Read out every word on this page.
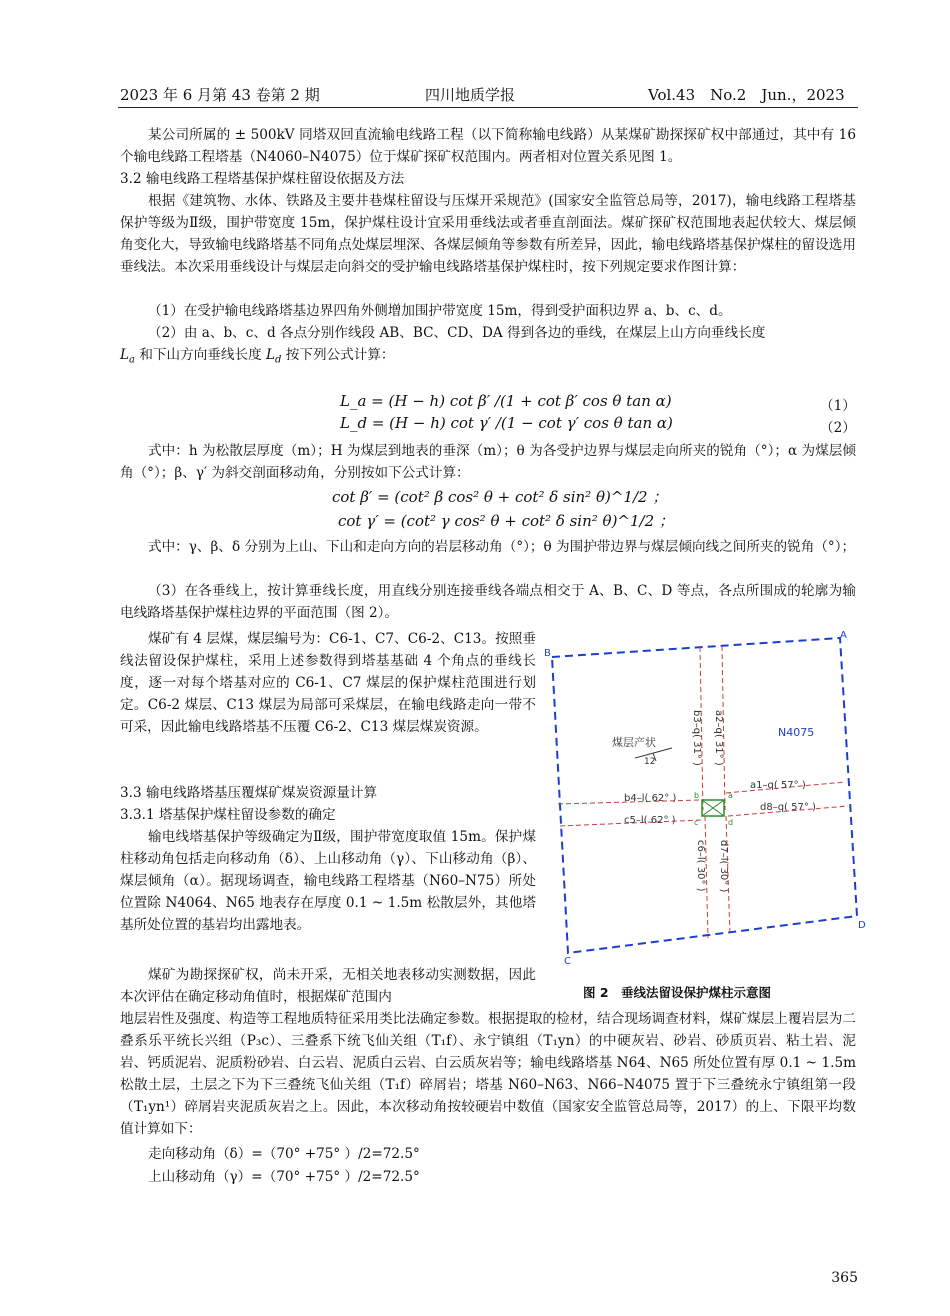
2023 年 6 月第 43 卷第 2 期	四川地质学报	Vol.43　No.2　Jun.，2023
某公司所属的 ± 500kV 同塔双回直流输电线路工程（以下简称输电线路）从某煤矿勘探探矿权中部通过，其中有 16 个输电线路工程塔基（N4060–N4075）位于煤矿探矿权范围内。两者相对位置关系见图 1。
3.2 输电线路工程塔基保护煤柱留设依据及方法
根据《建筑物、水体、铁路及主要井巷煤柱留设与压煤开采规范》(国家安全监管总局等，2017)，输电线路工程塔基保护等级为Ⅱ级，围护带宽度 15m，保护煤柱设计宜采用垂线法或者垂直剖面法。煤矿探矿权范围地表起伏较大、煤层倾角变化大，导致输电线路塔基不同角点处煤层埋深、各煤层倾角等参数有所差异，因此，输电线路塔基保护煤柱的留设选用垂线法。本次采用垂线设计与煤层走向斜交的受护输电线路塔基保护煤柱时，按下列规定要求作图计算：
（1）在受护输电线路塔基边界四角外侧增加围护带宽度 15m，得到受护面积边界 a、b、c、d。
（2）由 a、b、c、d 各点分别作线段 AB、BC、CD、DA 得到各边的垂线，在煤层上山方向垂线长度
$L_a$ 和下山方向垂线长度 $L_d$ 按下列公式计算：
L_a = (H − h) cot β′ /(1 + cot β′ cos θ tan α)	（1）
L_d = (H − h) cot γ′ /(1 − cot γ′ cos θ tan α)	（2）
式中：h 为松散层厚度（m）；H 为煤层到地表的垂深（m）；θ 为各受护边界与煤层走向所夹的锐角（°）；α 为煤层倾角（°）；β、γ′ 为斜交剖面移动角，分别按如下公式计算：
cot β′ = (cot² β cos² θ + cot² δ sin² θ)^1/2 ；
cot γ′ = (cot² γ cos² θ + cot² δ sin² θ)^1/2 ；
式中：γ、β、δ 分别为上山、下山和走向方向的岩层移动角（°）；θ 为围护带边界与煤层倾向线之间所夹的锐角（°）；
（3）在各垂线上，按计算垂线长度，用直线分别连接垂线各端点相交于 A、B、C、D 等点，各点所围成的轮廓为输电线路塔基保护煤柱边界的平面范围（图 2）。
煤矿有 4 层煤，煤层编号为：C6-1、C7、C6-2、C13。按照垂线法留设保护煤柱，采用上述参数得到塔基基础 4 个角点的垂线长度，逐一对每个塔基对应的 C6-1、C7 煤层的保护煤柱范围进行划定。C6-2 煤层、C13 煤层为局部可采煤层，在输电线路走向一带不可采，因此输电线路塔基不压覆 C6-2、C13 煤层煤炭资源。
3.3 输电线路塔基压覆煤矿煤炭资源量计算
3.3.1 塔基保护煤柱留设参数的确定
输电线塔基保护等级确定为Ⅱ级，围护带宽度取值 15m。保护煤柱移动角包括走向移动角（δ）、上山移动角（γ）、下山移动角（β）、煤层倾角（α）。据现场调查，输电线路工程塔基（N60–N75）所处位置除 N4064、N65 地表存在厚度 0.1 ~ 1.5m 松散层外，其他塔基所处位置的基岩均出露地表。
煤矿为勘探探矿权，尚未开采，无相关地表移动实测数据，因此本次评估在确定移动角值时，根据煤矿范围内
地层岩性及强度、构造等工程地质特征采用类比法确定参数。根据提取的检材，结合现场调查材料，煤矿煤层上覆岩层为二叠系乐平统长兴组（P₃c）、三叠系下统飞仙关组（T₁f）、永宁镇组（T₁yn）的中硬灰岩、砂岩、砂质页岩、粘土岩、泥岩、钙质泥岩、泥质粉砂岩、白云岩、泥质白云岩、白云质灰岩等；输电线路塔基 N64、N65 所处位置有厚 0.1 ~ 1.5m 松散土层，土层之下为下三叠统飞仙关组（T₁f）碎屑岩；塔基 N60–N63、N66–N4075 置于下三叠统永宁镇组第一段（T₁yn¹）碎屑岩夹泥质灰岩之上。因此，本次移动角按较硬岩中数值（国家安全监管总局等，2017）的上、下限平均数值计算如下：
走向移动角（δ）=（70° +75° ）/2=72.5°
上山移动角（γ）=（70° +75° ）/2=72.5°
A
B
C
D
N4075
煤层产状
12
a1–q( 57° )
d8–q( 57° )
b4–l( 62° )
c5–l( 62° )
b3–q( 31° ) a2–q( 31° )
c6–l( 30° ) d7–l( 30° )
a
b
c	d
图 2　垂线法留设保护煤柱示意图
365
